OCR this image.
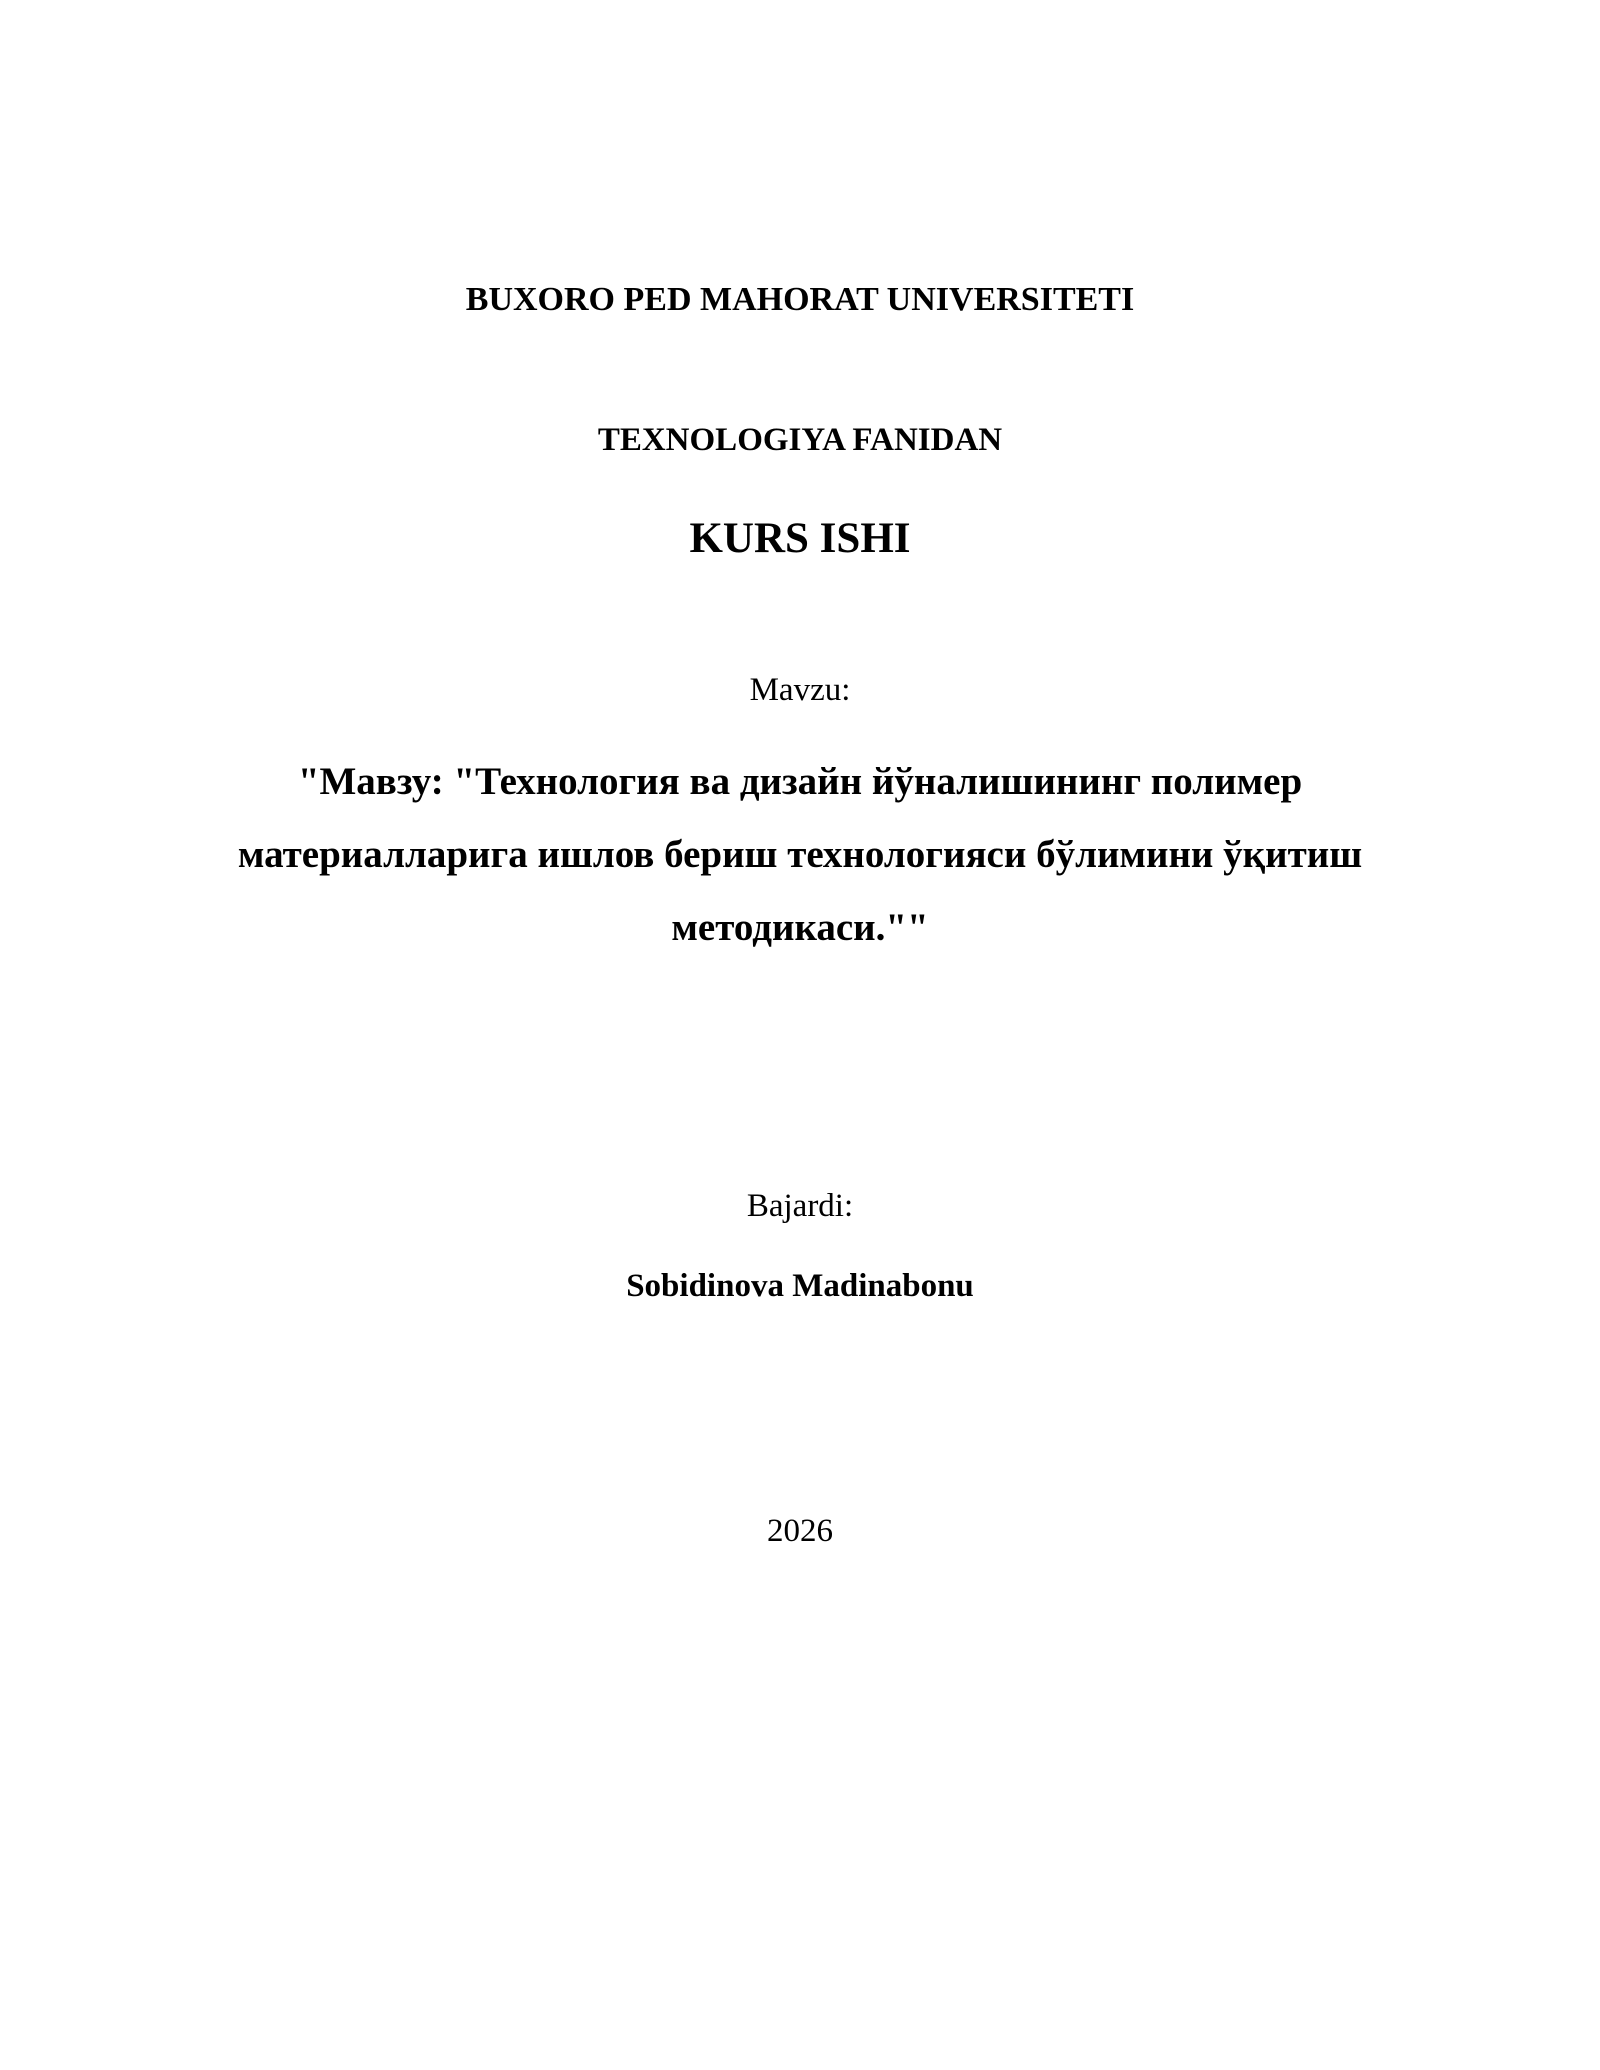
BUXORO PED MAHORAT UNIVERSITETI
TEXNOLOGIYA FANIDAN
KURS ISHI
Mavzu:
"Мавзу: "Технология ва дизайн йўналишининг полимер
материалларига ишлов бериш технологияси бўлимини ўқитиш
методикаси.""
Bajardi:
Sobidinova Madinabonu
2026
